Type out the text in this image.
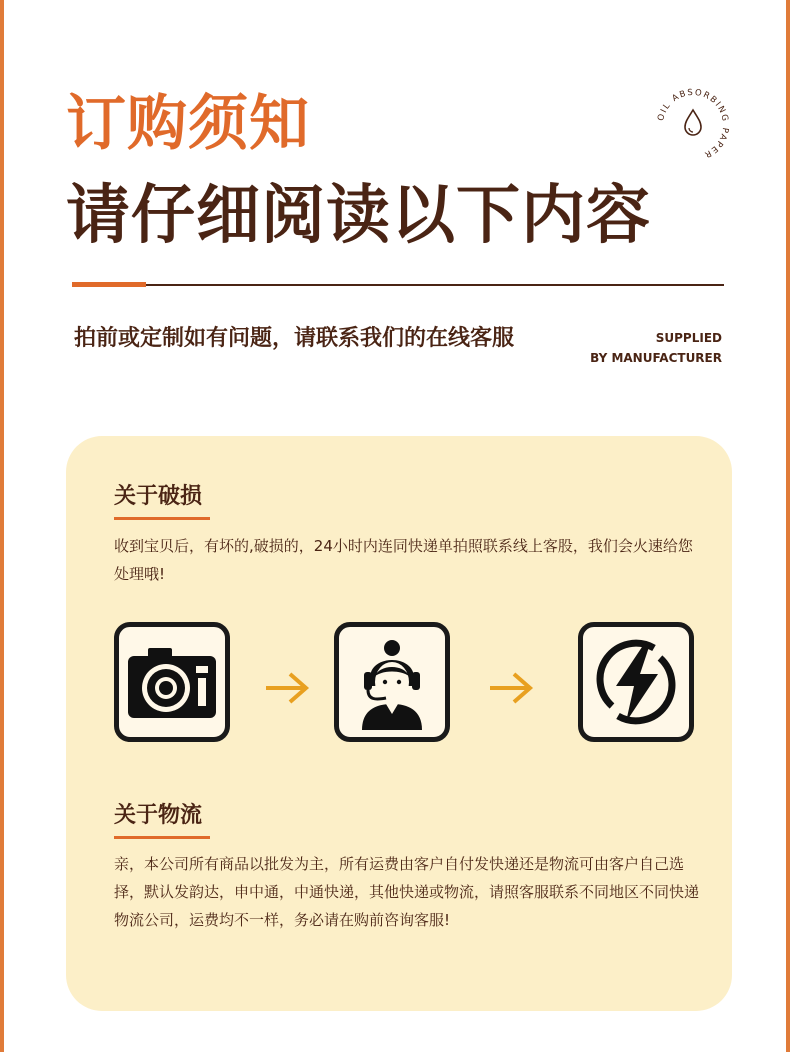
订购须知
请仔细阅读以下内容
OIL ABSORBING PAPER
拍前或定制如有问题，请联系我们的在线客服	SUPPLIED
BY MANUFACTURER
关于破损
收到宝贝后，有坏的,破损的，24小时内连同快递单拍照联系线上客股，我们会火速给您处理哦!
关于物流
亲，本公司所有商品以批发为主，所有运费由客户自付发快递还是物流可由客户自己选择，默认发韵达，申中通，中通快递，其他快递或物流，请照客服联系不同地区不同快递物流公司，运费均不一样，务必请在购前咨询客服!
